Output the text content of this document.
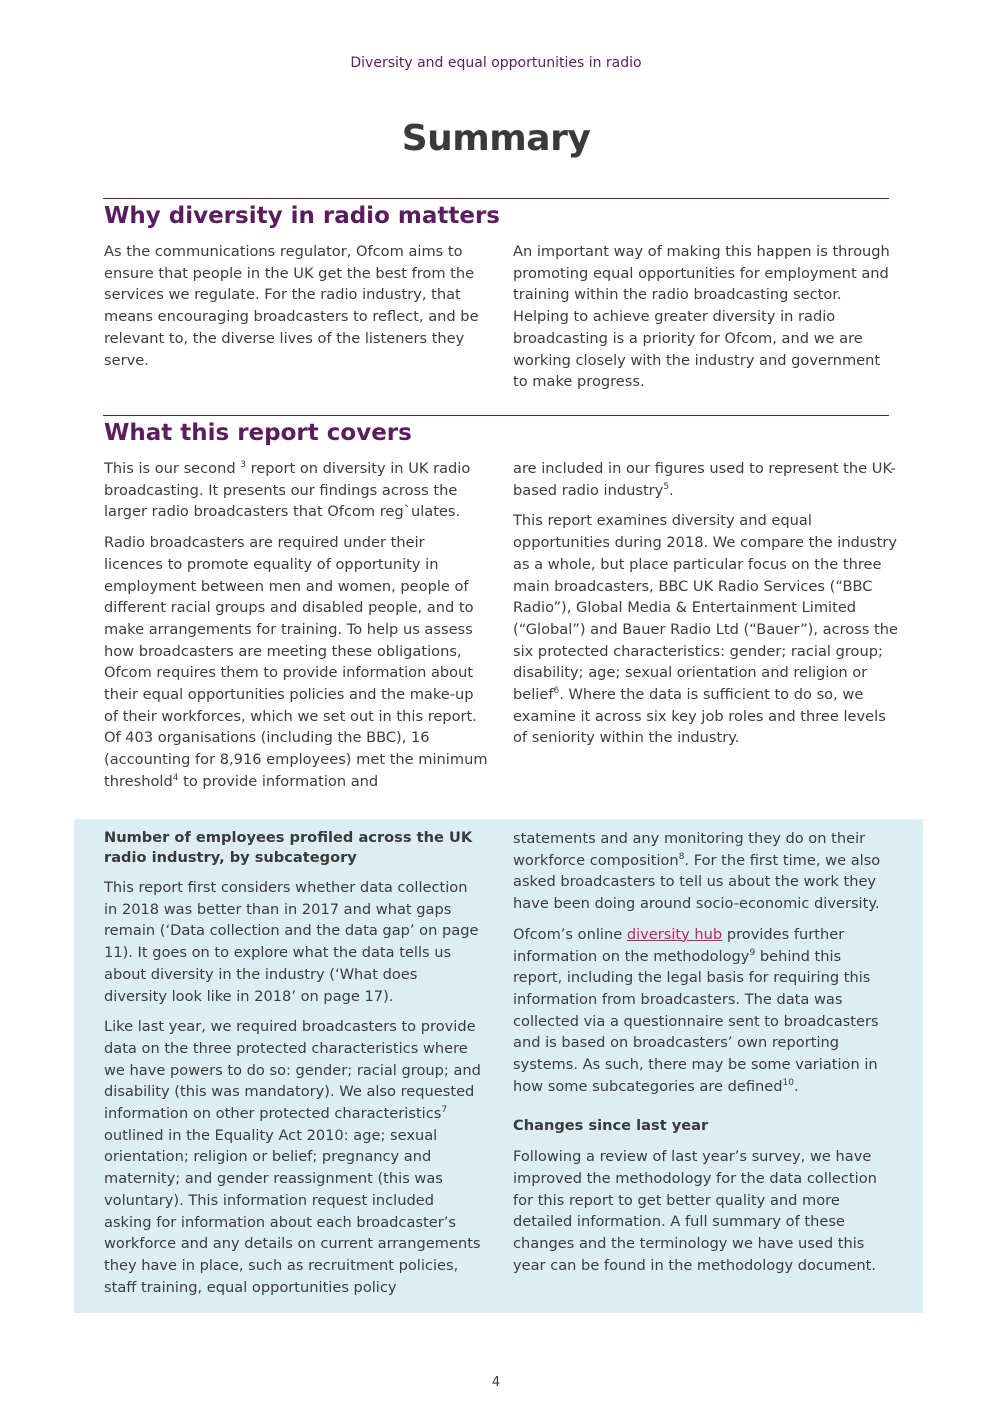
Diversity and equal opportunities in radio
Summary
Why diversity in radio matters

As the communications regulator, Ofcom aims to ensure that people in the UK get the best from the services we regulate. For the radio industry, that means encouraging broadcasters to reflect, and be relevant to, the diverse lives of the listeners they serve.

An important way of making this happen is through promoting equal opportunities for employment and training within the radio broadcasting sector. Helping to achieve greater diversity in radio broadcasting is a priority for Ofcom, and we are working closely with the industry and government to make progress.

What this report covers

This is our second $^3$ report on diversity in UK radio broadcasting. It presents our findings across the larger radio broadcasters that Ofcom reg`ulates.

Radio broadcasters are required under their licences to promote equality of opportunity in employment between men and women, people of different racial groups and disabled people, and to make arrangements for training. To help us assess how broadcasters are meeting these obligations, Ofcom requires them to provide information about their equal opportunities policies and the make-up of their workforces, which we set out in this report. Of 403 organisations (including the BBC), 16 (accounting for 8,916 employees) met the minimum threshold$^4$ to provide information and

are included in our figures used to represent the UK-based radio industry$^5$.

This report examines diversity and equal opportunities during 2018. We compare the industry as a whole, but place particular focus on the three main broadcasters, BBC UK Radio Services (“BBC Radio”), Global Media & Entertainment Limited (“Global”) and Bauer Radio Ltd (“Bauer”), across the six protected characteristics: gender; racial group; disability; age; sexual orientation and religion or belief$^6$. Where the data is sufficient to do so, we examine it across six key job roles and three levels of seniority within the industry.

Number of employees profiled across the UK radio industry, by subcategory

This report first considers whether data collection in 2018 was better than in 2017 and what gaps remain (‘Data collection and the data gap’ on page 11). It goes on to explore what the data tells us about diversity in the industry (‘What does diversity look like in 2018’ on page 17).

Like last year, we required broadcasters to provide data on the three protected characteristics where we have powers to do so: gender; racial group; and disability (this was mandatory). We also requested information on other protected characteristics$^7$ outlined in the Equality Act 2010: age; sexual orientation; religion or belief; pregnancy and maternity; and gender reassignment (this was voluntary). This information request included asking for information about each broadcaster’s workforce and any details on current arrangements they have in place, such as recruitment policies, staff training, equal opportunities policy

statements and any monitoring they do on their workforce composition$^8$. For the first time, we also asked broadcasters to tell us about the work they have been doing around socio-economic diversity.

Ofcom’s online diversity hub provides further information on the methodology$^9$ behind this report, including the legal basis for requiring this information from broadcasters. The data was collected via a questionnaire sent to broadcasters and is based on broadcasters’ own reporting systems. As such, there may be some variation in how some subcategories are defined$^{10}$.

Changes since last year

Following a review of last year’s survey, we have improved the methodology for the data collection for this report to get better quality and more detailed information. A full summary of these changes and the terminology we have used this year can be found in the methodology document.

4
